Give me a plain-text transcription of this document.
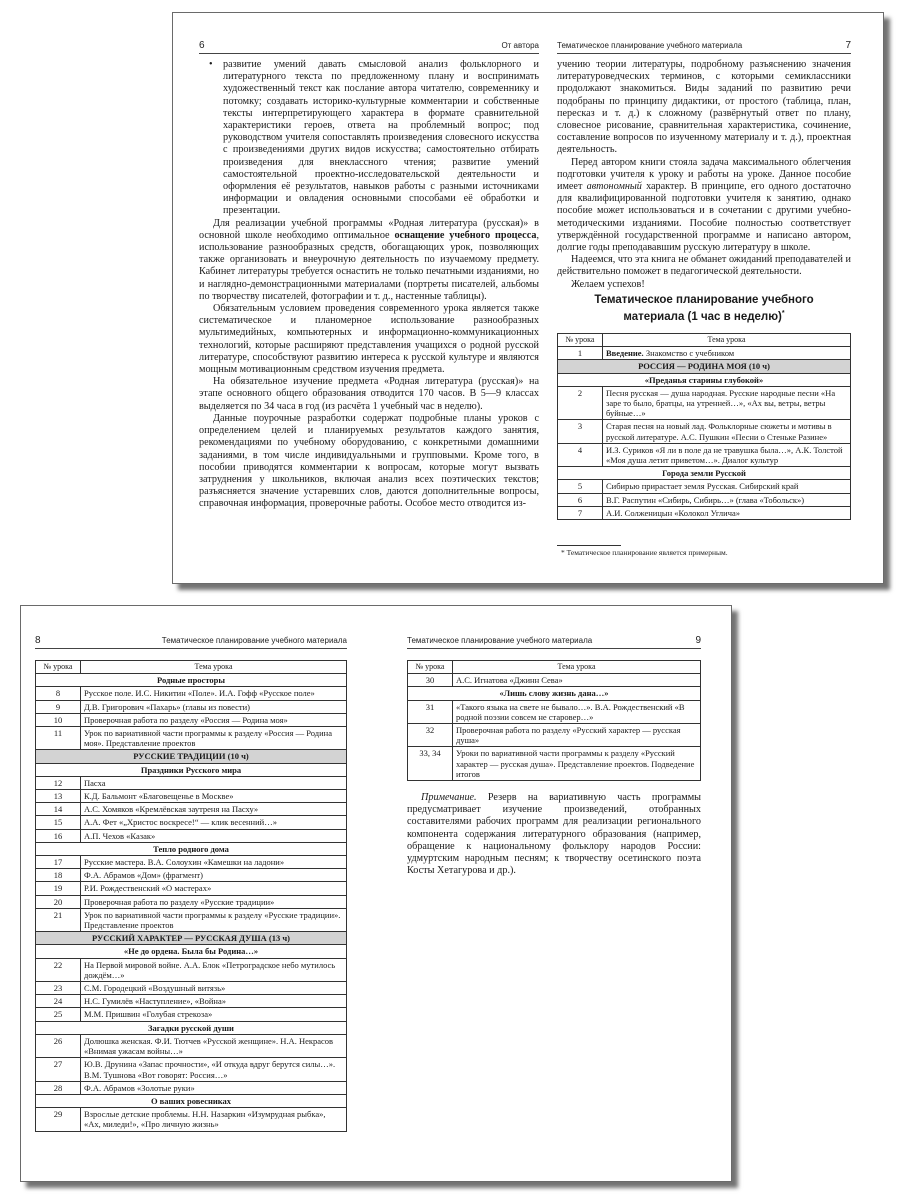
6	От автора
• развитие умений давать смысловой анализ фольклорного и литературного текста по предложенному плану и воспринимать художественный текст как послание автора читателю, современнику и потомку; создавать историко-культурные комментарии и собственные тексты интерпретирующего характера в формате сравнительной характеристики героев, ответа на проблемный вопрос; под руководством учителя сопоставлять произведения словесного искусства с произведениями других видов искусства; самостоятельно отбирать произведения для внеклассного чтения; развитие умений самостоятельной проектно-исследовательской деятельности и оформления её результатов, навыков работы с разными источниками информации и овладения основными способами её обработки и презентации.

Для реализации учебной программы «Родная литература (русская)» в основной школе необходимо оптимальное оснащение учебного процесса, использование разнообразных средств, обогащающих урок, позволяющих также организовать и внеурочную деятельность по изучаемому предмету. Кабинет литературы требуется оснастить не только печатными изданиями, но и наглядно-демонстрационными материалами (портреты писателей, альбомы по творчеству писателей, фотографии и т. д., настенные таблицы).

Обязательным условием проведения современного урока является также систематическое и планомерное использование разнообразных мультимедийных, компьютерных и информационно-коммуникационных технологий, которые расширяют представления учащихся о родной русской литературе, способствуют развитию интереса к русской культуре и являются мощным мотивационным средством изучения предмета.

На обязательное изучение предмета «Родная литература (русская)» на этапе основного общего образования отводится 170 часов. В 5—9 классах выделяется по 34 часа в год (из расчёта 1 учебный час в неделю).

Данные поурочные разработки содержат подробные планы уроков с определением целей и планируемых результатов каждого занятия, рекомендациями по учебному оборудованию, с конкретными домашними заданиями, в том числе индивидуальными и групповыми. Кроме того, в пособии приводятся комментарии к вопросам, которые могут вызвать затруднения у школьников, включая анализ всех поэтических текстов; разъясняется значение устаревших слов, даются дополнительные вопросы, справочная информация, проверочные работы. Особое место отводится из-

Тематическое планирование учебного материала	7

учению теории литературы, подробному разъяснению значения литературоведческих терминов, с которыми семиклассники продолжают знакомиться. Виды заданий по развитию речи подобраны по принципу дидактики, от простого (таблица, план, пересказ и т. д.) к сложному (развёрнутый ответ по плану, словесное рисование, сравнительная характеристика, сочинение, составление вопросов по изученному материалу и т. д.), проектная деятельность.

Перед автором книги стояла задача максимального облегчения подготовки учителя к уроку и работы на уроке. Данное пособие имеет автономный характер. В принципе, его одного достаточно для квалифицированной подготовки учителя к занятию, однако пособие может использоваться и в сочетании с другими учебно-методическими изданиями. Пособие полностью соответствует утверждённой государственной программе и написано автором, долгие годы преподававшим русскую литературу в школе.

Надеемся, что эта книга не обманет ожиданий преподавателей и действительно поможет в педагогической деятельности.

Желаем успехов!

Тематическое планирование учебного
материала (1 час в неделю)*
№ урока	Тема урока
1	Введение. Знакомство с учебником
РОССИЯ — РОДИНА МОЯ (10 ч)	
«Преданья старины глубокой»	
2	Песня русская — душа народная. Русские народные песни «На заре то было, братцы, на утренней…», «Ах вы, ветры, ветры буйные…»
3	Старая песня на новый лад. Фольклорные сюжеты и мотивы в русской литературе. А.С. Пушкин «Песни о Стеньке Разине»
4	И.З. Суриков «Я ли в поле да не травушка была…», А.К. Толстой «Моя душа летит приветом…». Диалог культур
Города земли Русской	
5	Сибирью прирастает земля Русская. Сибирский край
6	В.Г. Распутин «Сибирь, Сибирь…» (глава «Тобольск»)
7	А.И. Солженицын «Колокол Углича»
* Тематическое планирование является примерным.
8	Тематическое планирование учебного материала
№ урока	Тема урока
Родные просторы	
8	Русское поле. И.С. Никитин «Поле». И.А. Гофф «Русское поле»
9	Д.В. Григорович «Пахарь» (главы из повести)
10	Проверочная работа по разделу «Россия — Родина моя»
11	Урок по вариативной части программы к разделу «Россия — Родина моя». Представление проектов
РУССКИЕ ТРАДИЦИИ (10 ч)	
Праздники Русского мира	
12	Пасха
13	К.Д. Бальмонт «Благовещенье в Москве»
14	А.С. Хомяков «Кремлёвская заутреня на Пасху»
15	А.А. Фет «„Христос воскресе!“ — клик весенний…»
16	А.П. Чехов «Казак»
Тепло родного дома	
17	Русские мастера. В.А. Солоухин «Камешки на ладони»
18	Ф.А. Абрамов «Дом» (фрагмент)
19	Р.И. Рождественский «О мастерах»
20	Проверочная работа по разделу «Русские традиции»
21	Урок по вариативной части программы к разделу «Русские традиции». Представление проектов
РУССКИЙ ХАРАКТЕР — РУССКАЯ ДУША (13 ч)	
«Не до ордена. Была бы Родина…»	
22	На Первой мировой войне. А.А. Блок «Петроградское небо мутилось дождём…»
23	С.М. Городецкий «Воздушный витязь»
24	Н.С. Гумилёв «Наступление», «Война»
25	М.М. Пришвин «Голубая стрекоза»
Загадки русской души	
26	Долюшка женская. Ф.И. Тютчев «Русской женщине». Н.А. Некрасов «Внимая ужасам войны…»
27	Ю.В. Друнина «Запас прочности», «И откуда вдруг берутся силы…». В.М. Тушнова «Вот говорят: Россия…»
28	Ф.А. Абрамов «Золотые руки»
О ваших ровесниках	
29	Взрослые детские проблемы. Н.Н. Назаркин «Изумрудная рыбка», «Ах, миледи!», «Про личную жизнь»
Тематическое планирование учебного материала	9
№ урока	Тема урока
30	А.С. Игнатова «Джинн Сева»
«Лишь слову жизнь дана…»	
31	«Такого языка на свете не бывало…». В.А. Рождественский «В родной поэзии совсем не старовер…»
32	Проверочная работа по разделу «Русский характер — русская душа»
33, 34	Уроки по вариативной части программы к разделу «Русский характер — русская душа». Представление проектов. Подведение итогов

Примечание. Резерв на вариативную часть программы предусматривает изучение произведений, отобранных составителями рабочих программ для реализации регионального компонента содержания литературного образования (например, обращение к национальному фольклору народов России: удмуртским народным песням; к творчеству осетинского поэта Косты Хетагурова и др.).
